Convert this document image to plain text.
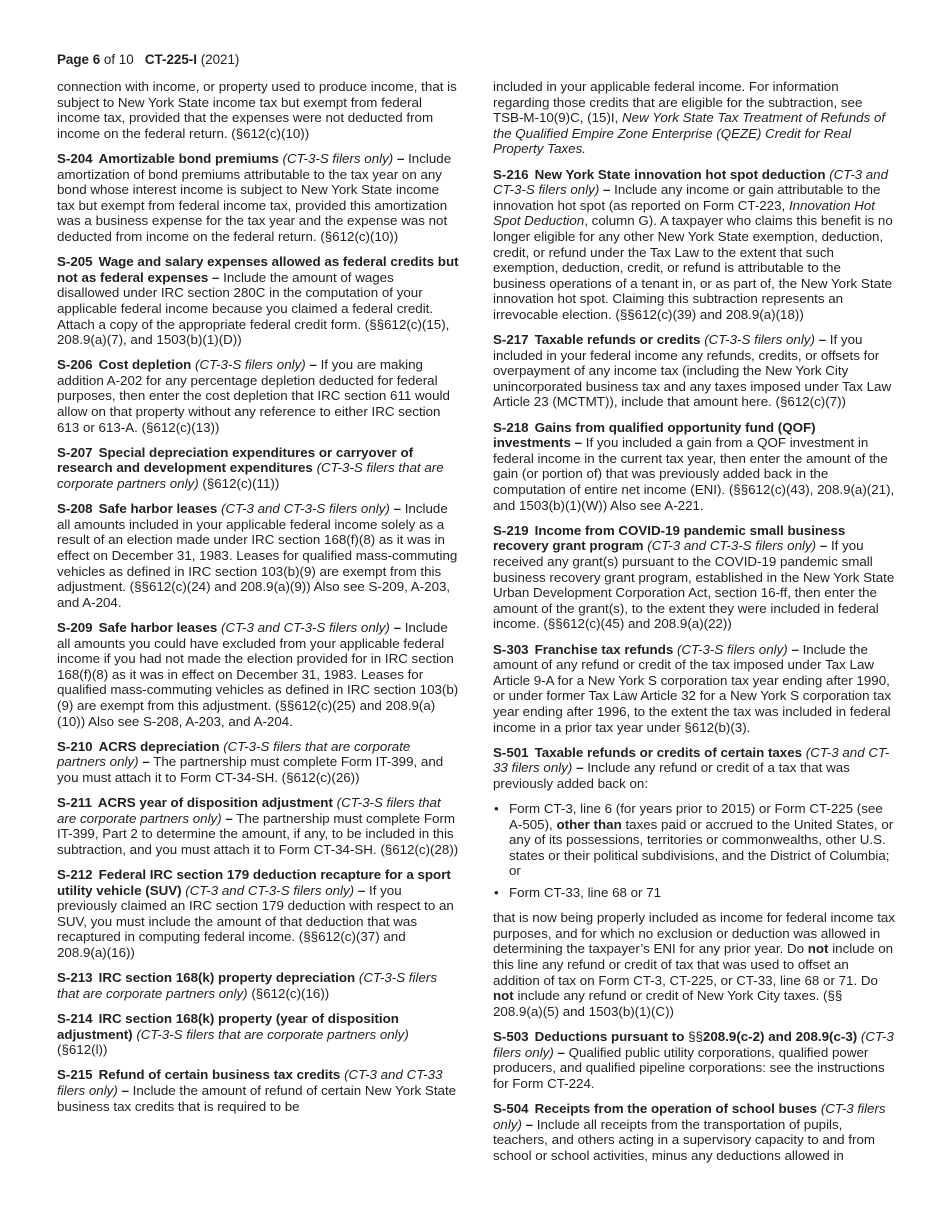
Page 6 of 10 CT-225-I (2021)

connection with income, or property used to produce income, that is subject to New York State income tax but exempt from federal income tax, provided that the expenses were not deducted from income on the federal return. (§612(c)(10))

S-204 Amortizable bond premiums (CT-3-S filers only) – Include amortization of bond premiums attributable to the tax year on any bond whose interest income is subject to New York State income tax but exempt from federal income tax, provided this amortization was a business expense for the tax year and the expense was not deducted from income on the federal return. (§612(c)(10))

S-205 Wage and salary expenses allowed as federal credits but not as federal expenses – Include the amount of wages disallowed under IRC section 280C in the computation of your applicable federal income because you claimed a federal credit. Attach a copy of the appropriate federal credit form. (§§612(c)(15), 208.9(a)(7), and 1503(b)(1)(D))

S-206 Cost depletion (CT-3-S filers only) – If you are making addition A-202 for any percentage depletion deducted for federal purposes, then enter the cost depletion that IRC section 611 would allow on that property without any reference to either IRC section 613 or 613-A. (§612(c)(13))

S-207 Special depreciation expenditures or carryover of research and development expenditures (CT-3-S filers that are corporate partners only) (§612(c)(11))

S-208 Safe harbor leases (CT-3 and CT-3-S filers only) – Include all amounts included in your applicable federal income solely as a result of an election made under IRC section 168(f)(8) as it was in effect on December 31, 1983. Leases for qualified mass-commuting vehicles as defined in IRC section 103(b)(9) are exempt from this adjustment. (§§612(c)(24) and 208.9(a)(9)) Also see S-209, A-203, and A-204.

S-209 Safe harbor leases (CT-3 and CT-3-S filers only) – Include all amounts you could have excluded from your applicable federal income if you had not made the election provided for in IRC section 168(f)(8) as it was in effect on December 31, 1983. Leases for qualified mass-commuting vehicles as defined in IRC section 103(b)(9) are exempt from this adjustment. (§§612(c)(25) and 208.9(a)(10)) Also see S-208, A-203, and A-204.

S-210 ACRS depreciation (CT-3-S filers that are corporate partners only) – The partnership must complete Form IT-399, and you must attach it to Form CT-34-SH. (§612(c)(26))

S-211 ACRS year of disposition adjustment (CT-3-S filers that are corporate partners only) – The partnership must complete Form IT-399, Part 2 to determine the amount, if any, to be included in this subtraction, and you must attach it to Form CT-34-SH. (§612(c)(28))

S-212 Federal IRC section 179 deduction recapture for a sport utility vehicle (SUV) (CT-3 and CT-3-S filers only) – If you previously claimed an IRC section 179 deduction with respect to an SUV, you must include the amount of that deduction that was recaptured in computing federal income. (§§612(c)(37) and 208.9(a)(16))

S-213 IRC section 168(k) property depreciation (CT-3-S filers that are corporate partners only) (§612(c)(16))

S-214 IRC section 168(k) property (year of disposition adjustment) (CT-3-S filers that are corporate partners only) (§612(l))

S-215 Refund of certain business tax credits (CT-3 and CT-33 filers only) – Include the amount of refund of certain New York State business tax credits that is required to be

included in your applicable federal income. For information regarding those credits that are eligible for the subtraction, see TSB-M-10(9)C, (15)I, New York State Tax Treatment of Refunds of the Qualified Empire Zone Enterprise (QEZE) Credit for Real Property Taxes.

S-216 New York State innovation hot spot deduction (CT-3 and CT-3-S filers only) – Include any income or gain attributable to the innovation hot spot (as reported on Form CT-223, Innovation Hot Spot Deduction, column G). A taxpayer who claims this benefit is no longer eligible for any other New York State exemption, deduction, credit, or refund under the Tax Law to the extent that such exemption, deduction, credit, or refund is attributable to the business operations of a tenant in, or as part of, the New York State innovation hot spot. Claiming this subtraction represents an irrevocable election. (§§612(c)(39) and 208.9(a)(18))

S-217 Taxable refunds or credits (CT-3-S filers only) – If you included in your federal income any refunds, credits, or offsets for overpayment of any income tax (including the New York City unincorporated business tax and any taxes imposed under Tax Law Article 23 (MCTMT)), include that amount here. (§612(c)(7))

S-218 Gains from qualified opportunity fund (QOF) investments – If you included a gain from a QOF investment in federal income in the current tax year, then enter the amount of the gain (or portion of) that was previously added back in the computation of entire net income (ENI). (§§612(c)(43), 208.9(a)(21), and 1503(b)(1)(W)) Also see A-221.

S-219 Income from COVID-19 pandemic small business recovery grant program (CT-3 and CT-3-S filers only) – If you received any grant(s) pursuant to the COVID-19 pandemic small business recovery grant program, established in the New York State Urban Development Corporation Act, section 16-ff, then enter the amount of the grant(s), to the extent they were included in federal income. (§§612(c)(45) and 208.9(a)(22))

S-303 Franchise tax refunds (CT-3-S filers only) – Include the amount of any refund or credit of the tax imposed under Tax Law Article 9-A for a New York S corporation tax year ending after 1990, or under former Tax Law Article 32 for a New York S corporation tax year ending after 1996, to the extent the tax was included in federal income in a prior tax year under §612(b)(3).

S-501 Taxable refunds or credits of certain taxes (CT-3 and CT-33 filers only) – Include any refund or credit of a tax that was previously added back on:

• Form CT-3, line 6 (for years prior to 2015) or Form CT-225 (see A-505), other than taxes paid or accrued to the United States, or any of its possessions, territories or commonwealths, other U.S. states or their political subdivisions, and the District of Columbia; or
• Form CT-33, line 68 or 71

that is now being properly included as income for federal income tax purposes, and for which no exclusion or deduction was allowed in determining the taxpayer’s ENI for any prior year. Do not include on this line any refund or credit of tax that was used to offset an addition of tax on Form CT-3, CT-225, or CT-33, line 68 or 71. Do not include any refund or credit of New York City taxes. (§§ 208.9(a)(5) and 1503(b)(1)(C))

S-503 Deductions pursuant to §§208.9(c-2) and 208.9(c-3) (CT-3 filers only) – Qualified public utility corporations, qualified power producers, and qualified pipeline corporations: see the instructions for Form CT-224.

S-504 Receipts from the operation of school buses (CT-3 filers only) – Include all receipts from the transportation of pupils, teachers, and others acting in a supervisory capacity to and from school or school activities, minus any deductions allowed in
